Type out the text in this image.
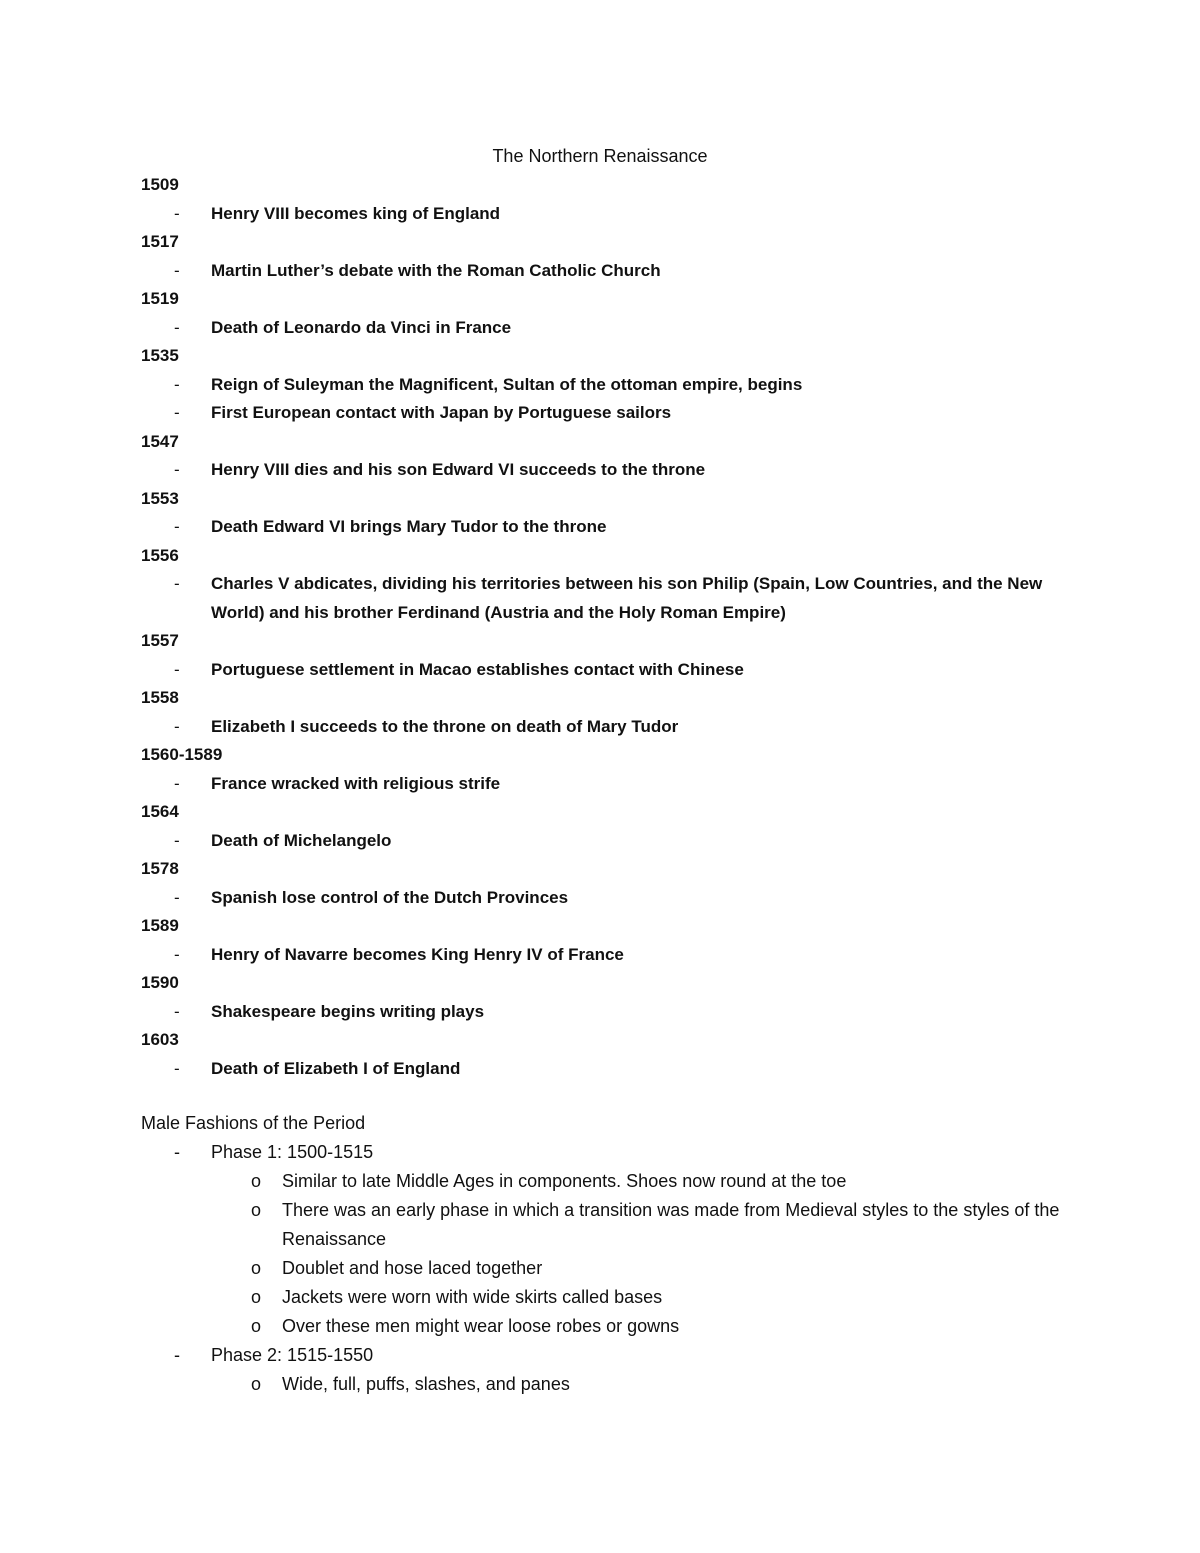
The Northern Renaissance
1509
- Henry VIII becomes king of England
1517
- Martin Luther’s debate with the Roman Catholic Church
1519
- Death of Leonardo da Vinci in France
1535
- Reign of Suleyman the Magnificent, Sultan of the ottoman empire, begins
- First European contact with Japan by Portuguese sailors
1547
- Henry VIII dies and his son Edward VI succeeds to the throne
1553
- Death Edward VI brings Mary Tudor to the throne
1556
- Charles V abdicates, dividing his territories between his son Philip (Spain, Low Countries, and the New World) and his brother Ferdinand (Austria and the Holy Roman Empire)
1557
- Portuguese settlement in Macao establishes contact with Chinese
1558
- Elizabeth I succeeds to the throne on death of Mary Tudor
1560-1589
- France wracked with religious strife
1564
- Death of Michelangelo
1578
- Spanish lose control of the Dutch Provinces
1589
- Henry of Navarre becomes King Henry IV of France
1590
- Shakespeare begins writing plays
1603
- Death of Elizabeth I of England
Male Fashions of the Period
- Phase 1: 1500-1515
o Similar to late Middle Ages in components. Shoes now round at the toe
o There was an early phase in which a transition was made from Medieval styles to the styles of the Renaissance
o Doublet and hose laced together
o Jackets were worn with wide skirts called bases
o Over these men might wear loose robes or gowns
- Phase 2: 1515-1550
o Wide, full, puffs, slashes, and panes
